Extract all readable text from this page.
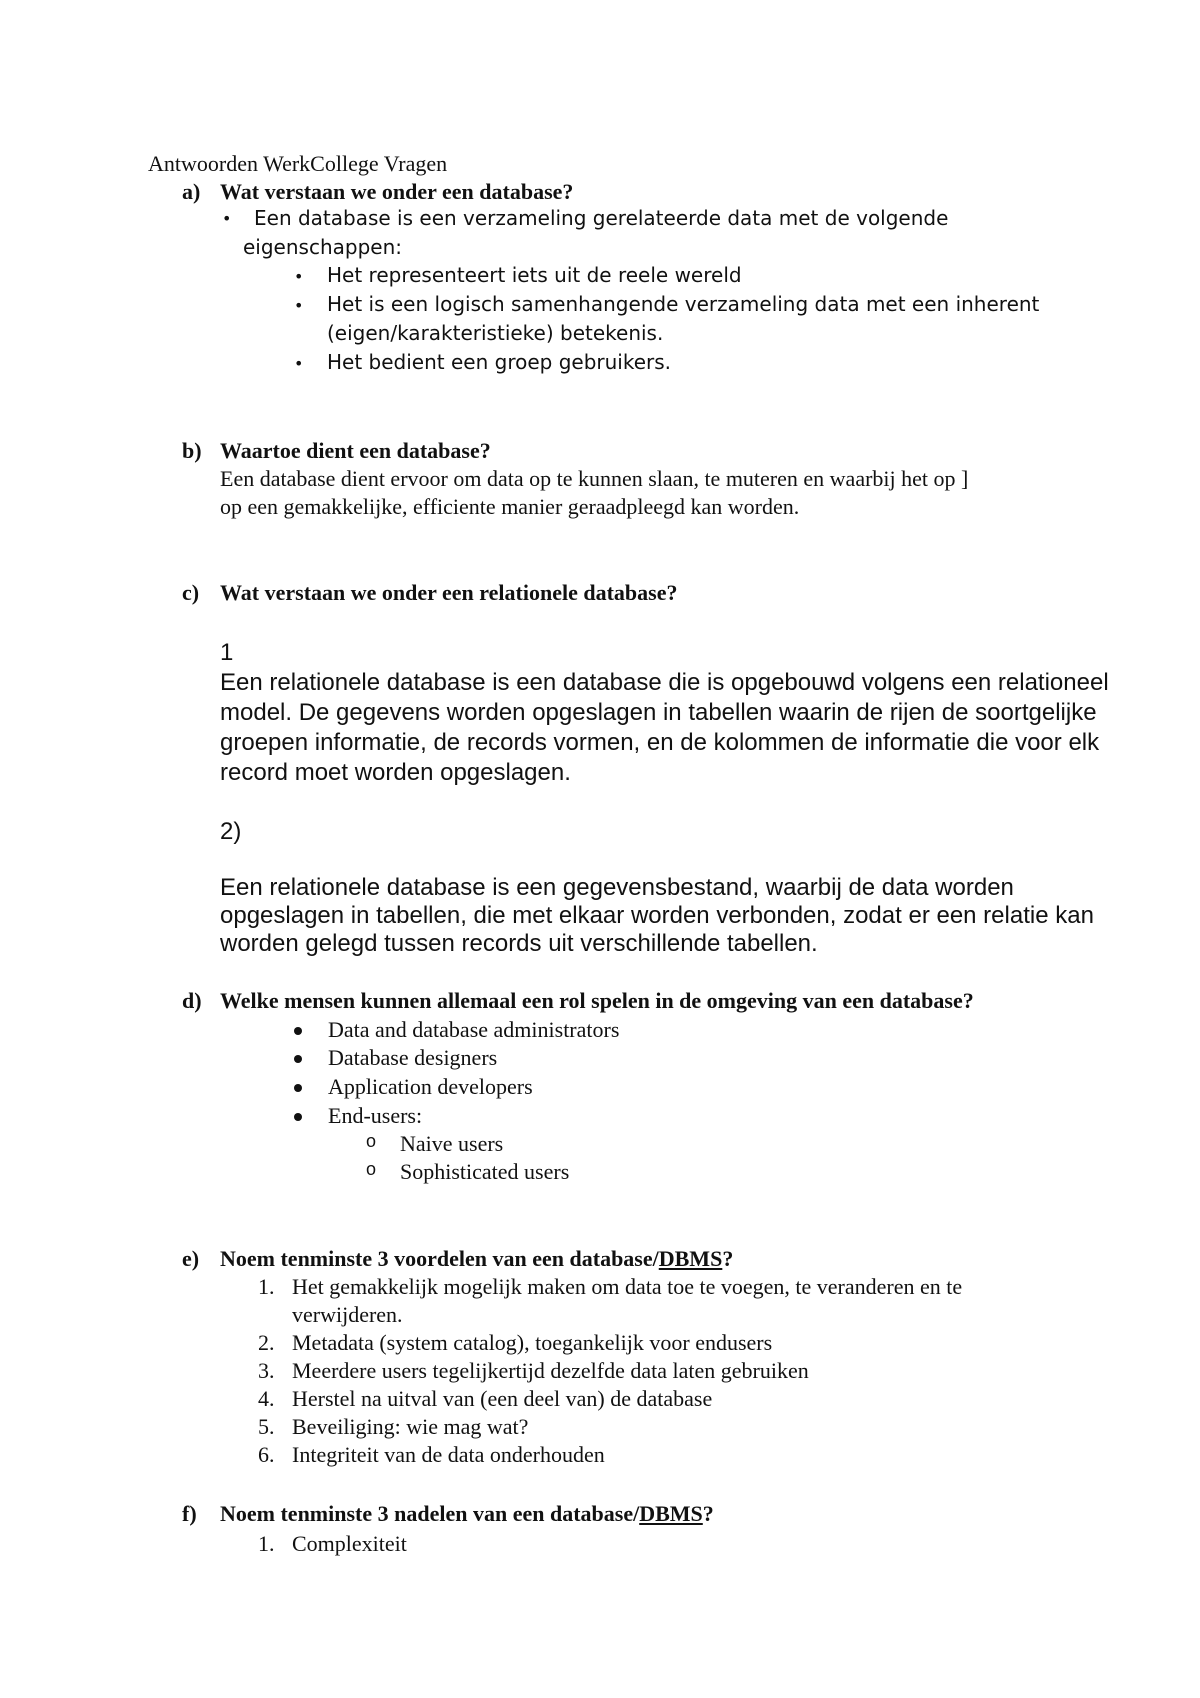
Antwoorden WerkCollege Vragen
a) Wat verstaan we onder een database?
• Een database is een verzameling gerelateerde data met de volgende
eigenschappen:
• Het representeert iets uit de reele wereld
• Het is een logisch samenhangende verzameling data met een inherent
(eigen/karakteristieke) betekenis.
• Het bedient een groep gebruikers.
b) Waartoe dient een database?
Een database dient ervoor om data op te kunnen slaan, te muteren en waarbij het op ]
op een gemakkelijke, efficiente manier geraadpleegd kan worden.
c) Wat verstaan we onder een relationele database?
1
Een relationele database is een database die is opgebouwd volgens een relationeel
model. De gegevens worden opgeslagen in tabellen waarin de rijen de soortgelijke
groepen informatie, de records vormen, en de kolommen de informatie die voor elk
record moet worden opgeslagen.
2)
Een relationele database is een gegevensbestand, waarbij de data worden
opgeslagen in tabellen, die met elkaar worden verbonden, zodat er een relatie kan
worden gelegd tussen records uit verschillende tabellen.
d) Welke mensen kunnen allemaal een rol spelen in de omgeving van een database?
Data and database administrators
Database designers
Application developers
End-users:
o Naive users
o Sophisticated users
e) Noem tenminste 3 voordelen van een database/DBMS?
1. Het gemakkelijk mogelijk maken om data toe te voegen, te veranderen en te
verwijderen.
2. Metadata (system catalog), toegankelijk voor endusers
3. Meerdere users tegelijkertijd dezelfde data laten gebruiken
4. Herstel na uitval van (een deel van) de database
5. Beveiliging: wie mag wat?
6. Integriteit van de data onderhouden
f) Noem tenminste 3 nadelen van een database/DBMS?
1. Complexiteit
